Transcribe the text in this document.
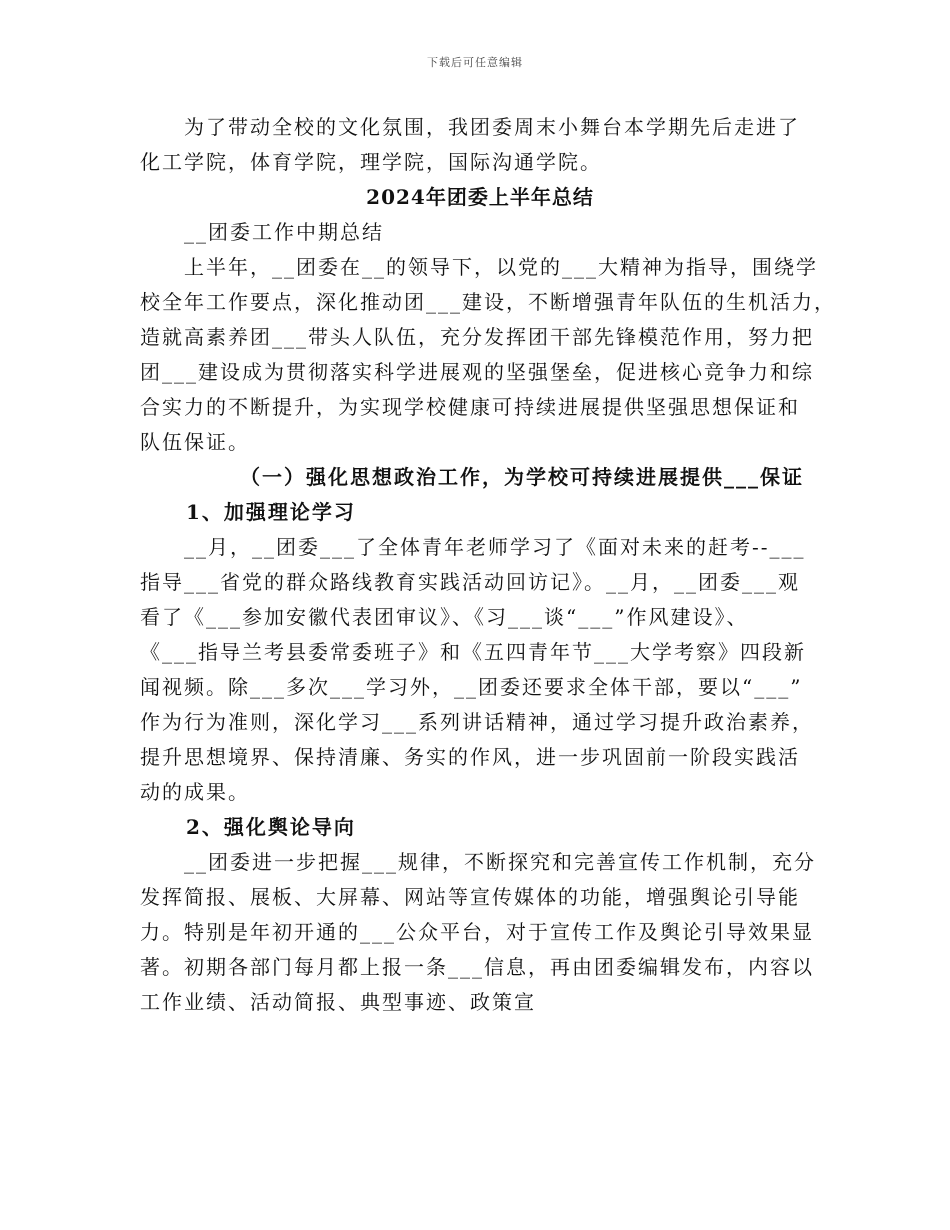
下载后可任意编辑
为了带动全校的文化氛围，我团委周末小舞台本学期先后走进了
化工学院，体育学院，理学院，国际沟通学院。
2024年团委上半年总结
__团委工作中期总结
上半年，__团委在__的领导下，以党的___大精神为指导，围绕学
校全年工作要点，深化推动团___建设，不断增强青年队伍的生机活力，
造就高素养团___带头人队伍，充分发挥团干部先锋模范作用，努力把
团___建设成为贯彻落实科学进展观的坚强堡垒，促进核心竞争力和综
合实力的不断提升，为实现学校健康可持续进展提供坚强思想保证和
队伍保证。
（一）强化思想政治工作，为学校可持续进展提供___保证
1、加强理论学习
__月，__团委___了全体青年老师学习了《面对未来的赶考--___
指导___省党的群众路线教育实践活动回访记》。__月，__团委___观
看了《___参加安徽代表团审议》、《习___谈“___”作风建设》、
《___指导兰考县委常委班子》和《五四青年节___大学考察》四段新
闻视频。除___多次___学习外，__团委还要求全体干部，要以“___”
作为行为准则，深化学习___系列讲话精神，通过学习提升政治素养，
提升思想境界、保持清廉、务实的作风，进一步巩固前一阶段实践活
动的成果。
2、强化舆论导向
__团委进一步把握___规律，不断探究和完善宣传工作机制，充分
发挥简报、展板、大屏幕、网站等宣传媒体的功能，增强舆论引导能
力。特别是年初开通的___公众平台，对于宣传工作及舆论引导效果显
著。初期各部门每月都上报一条___信息，再由团委编辑发布，内容以
工作业绩、活动简报、典型事迹、政策宣
